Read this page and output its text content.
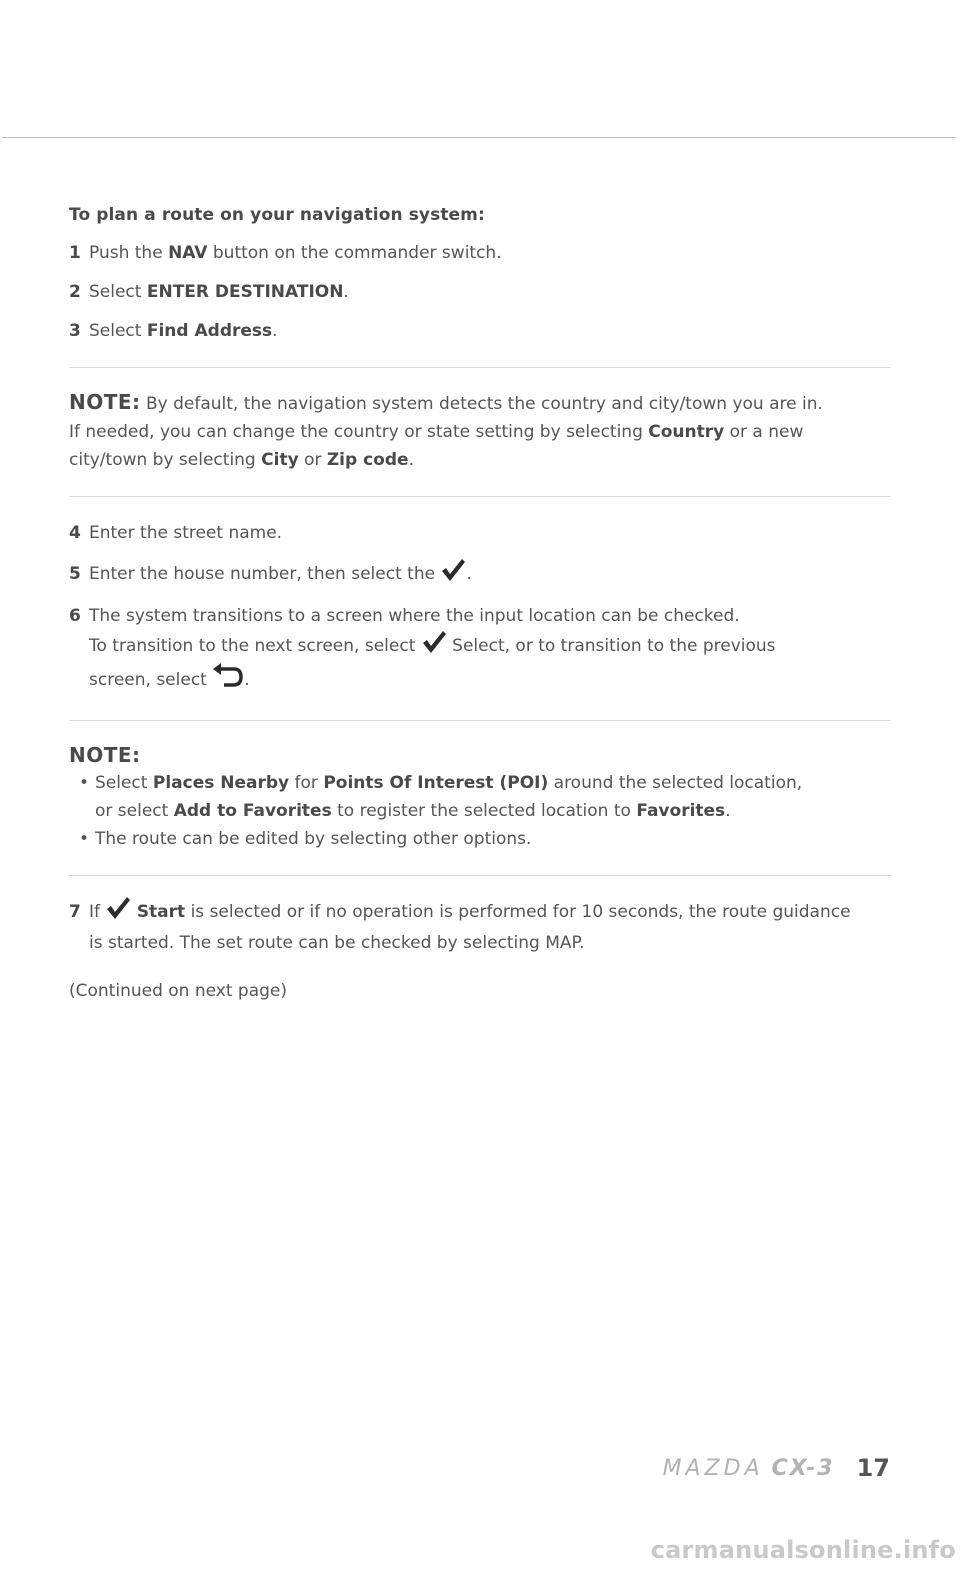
To plan a route on your navigation system:

1 Push the NAV button on the commander switch.

2 Select ENTER DESTINATION.

3 Select Find Address.

NOTE: By default, the navigation system detects the country and city/town you are in.
If needed, you can change the country or state setting by selecting Country or a new
city/town by selecting City or Zip code.

4 Enter the street name.

5 Enter the house number, then select the .

6 The system transitions to a screen where the input location can be checked.
To transition to the next screen, select  Select, or to transition to the previous
screen, select .

NOTE:
• Select Places Nearby for Points Of Interest (POI) around the selected location,
or select Add to Favorites to register the selected location to Favorites.
• The route can be edited by selecting other options.

7 If  Start is selected or if no operation is performed for 10 seconds, the route guidance
is started. The set route can be checked by selecting MAP.

(Continued on next page)

MAZDA CX-3 17
carmanualsonline.info
